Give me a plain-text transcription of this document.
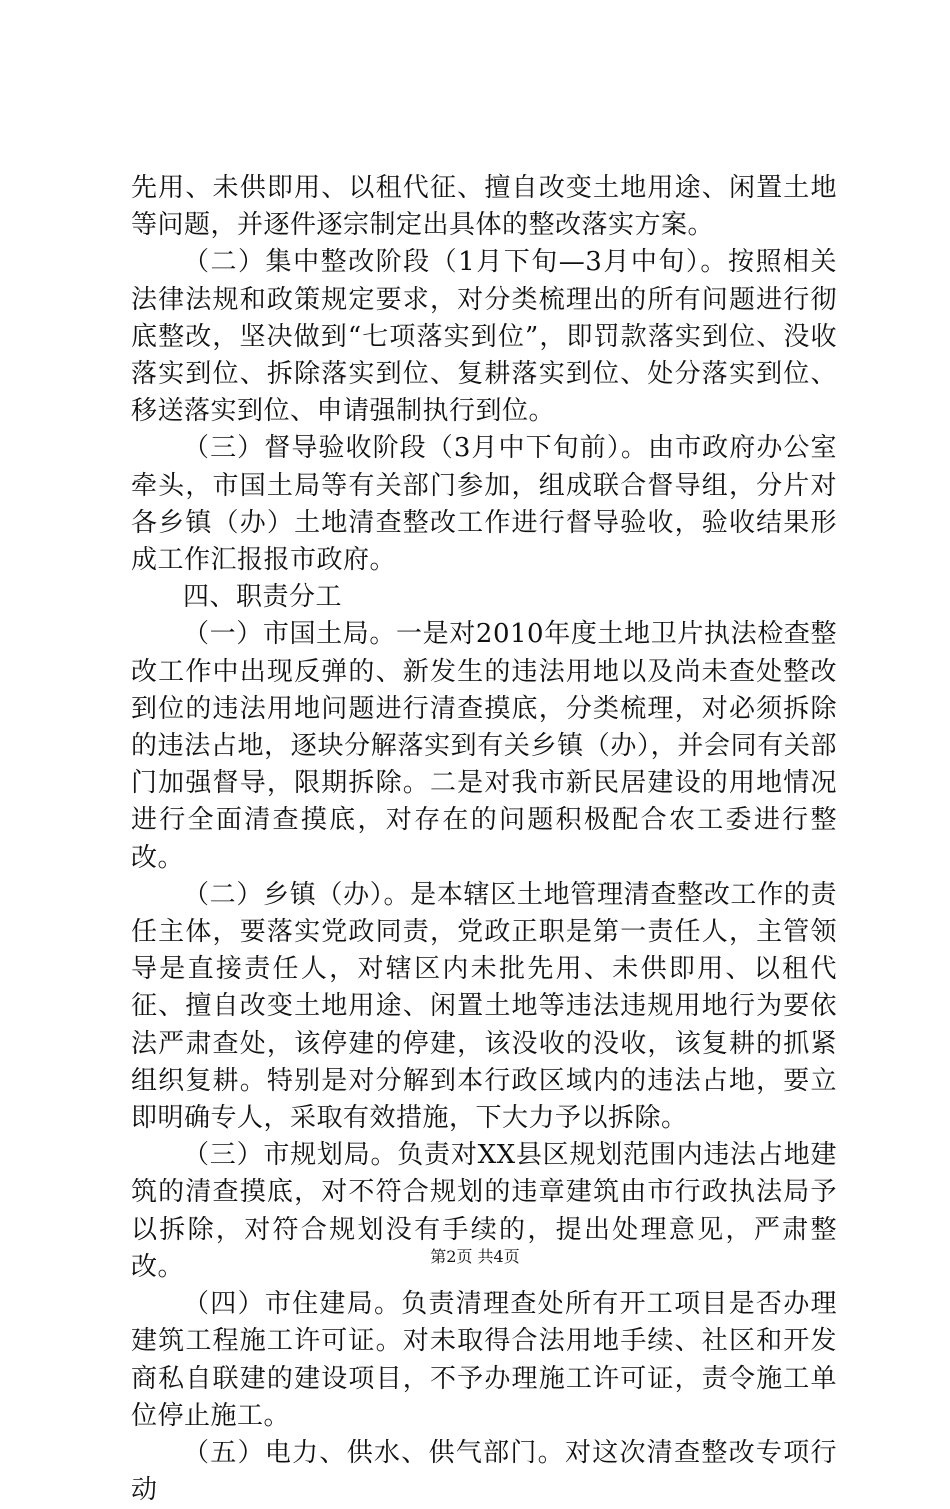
先用、未供即用、以租代征、擅自改变土地用途、闲置土地等问题，并逐件逐宗制定出具体的整改落实方案。

（二）集中整改阶段（1月下旬—3月中旬）。按照相关法律法规和政策规定要求，对分类梳理出的所有问题进行彻底整改，坚决做到“七项落实到位”，即罚款落实到位、没收落实到位、拆除落实到位、复耕落实到位、处分落实到位、移送落实到位、申请强制执行到位。

（三）督导验收阶段（3月中下旬前）。由市政府办公室牵头，市国土局等有关部门参加，组成联合督导组，分片对各乡镇（办）土地清查整改工作进行督导验收，验收结果形成工作汇报报市政府。

四、职责分工

（一）市国土局。一是对2010年度土地卫片执法检查整改工作中出现反弹的、新发生的违法用地以及尚未查处整改到位的违法用地问题进行清查摸底，分类梳理，对必须拆除的违法占地，逐块分解落实到有关乡镇（办），并会同有关部门加强督导，限期拆除。二是对我市新民居建设的用地情况进行全面清查摸底，对存在的问题积极配合农工委进行整改。

（二）乡镇（办）。是本辖区土地管理清查整改工作的责任主体，要落实党政同责，党政正职是第一责任人，主管领导是直接责任人，对辖区内未批先用、未供即用、以租代征、擅自改变土地用途、闲置土地等违法违规用地行为要依法严肃查处，该停建的停建，该没收的没收，该复耕的抓紧组织复耕。特别是对分解到本行政区域内的违法占地，要立即明确专人，采取有效措施，下大力予以拆除。

（三）市规划局。负责对XX县区规划范围内违法占地建筑的清查摸底，对不符合规划的违章建筑由市行政执法局予以拆除，对符合规划没有手续的，提出处理意见，严肃整改。

（四）市住建局。负责清理查处所有开工项目是否办理建筑工程施工许可证。对未取得合法用地手续、社区和开发商私自联建的建设项目，不予办理施工许可证，责令施工单位停止施工。

（五）电力、供水、供气部门。对这次清查整改专项行动

第2页 共4页
